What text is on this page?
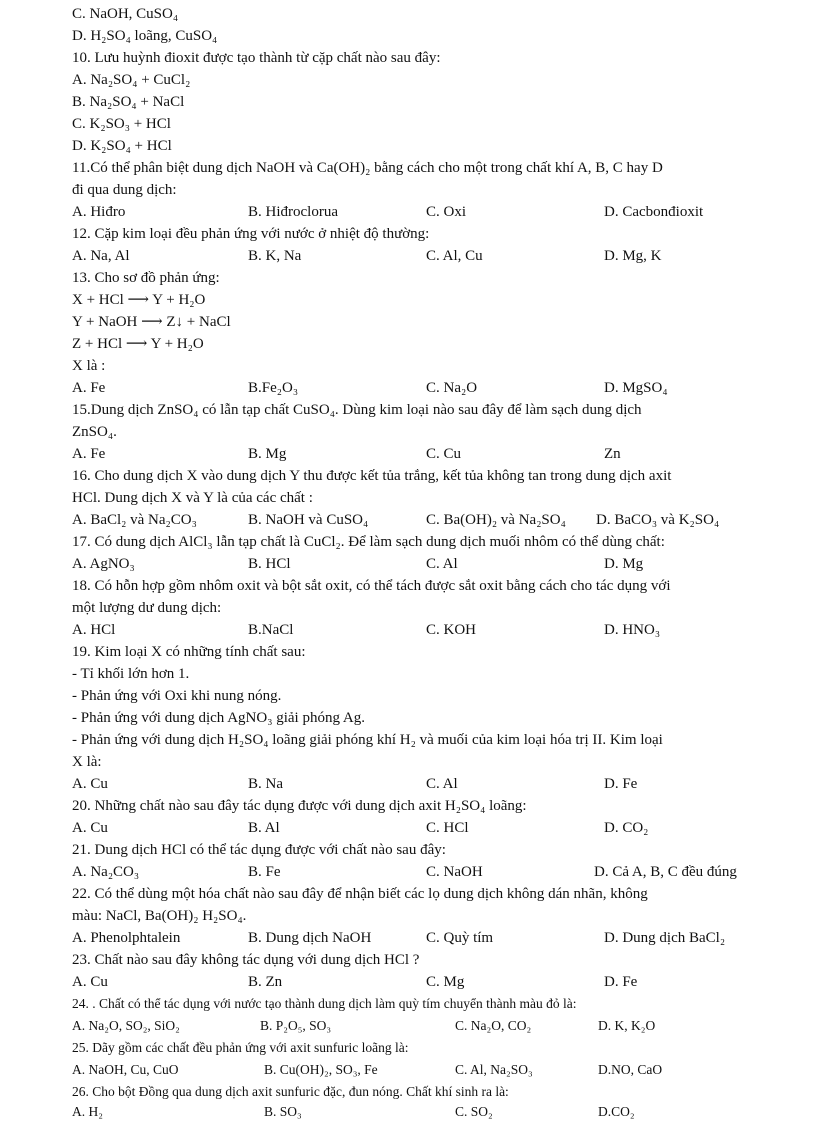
C. NaOH, CuSO₄
D. H₂SO₄ loãng, CuSO₄
10. Lưu huỳnh đioxit được tạo thành từ cặp chất nào sau đây:
A. Na₂SO₄ + CuCl₂
B. Na₂SO₄ + NaCl
C. K₂SO₃ + HCl
D. K₂SO₄ + HCl
11.Có thể phân biệt dung dịch NaOH và Ca(OH)₂ bằng cách cho một trong chất khí A, B, C hay D
đi qua dung dịch:
A. Hiđro	B. Hiđroclorua	C. Oxi	D. Cacbonđioxit
12. Cặp kim loại đều phản ứng với nước ở nhiệt độ thường:
A. Na, Al	B. K, Na	C. Al, Cu	D. Mg, K
13. Cho sơ đồ phản ứng:
X + HCl ⟶ Y + H₂O
Y + NaOH ⟶ Z↓ + NaCl
Z + HCl ⟶ Y + H₂O
X là :
A. Fe	B.Fe₂O₃	C. Na₂O	D. MgSO₄
15.Dung dịch ZnSO₄ có lẫn tạp chất CuSO₄. Dùng kim loại nào sau đây để làm sạch dung dịch
ZnSO₄.
A. Fe	B. Mg	C. Cu	Zn
16. Cho dung dịch X vào dung dịch Y thu được kết tủa trắng, kết tủa không tan trong dung dịch axit
HCl. Dung dịch X và Y là của các chất :
A. BaCl₂ và Na₂CO₃	B. NaOH và CuSO₄	C. Ba(OH)₂ và Na₂SO₄ D. BaCO₃ và K₂SO₄
17. Có dung dịch AlCl₃ lẫn tạp chất là CuCl₂. Để làm sạch dung dịch muối nhôm có thể dùng chất:
A. AgNO₃	B. HCl	C. Al	D. Mg
18. Có hỗn hợp gồm nhôm oxit và bột sắt oxit, có thể tách được sắt oxit bằng cách cho tác dụng với
một lượng dư dung dịch:
A. HCl	B.NaCl	C. KOH	D. HNO₃
19. Kim loại X có những tính chất sau:
- Tỉ khối lớn hơn 1.
- Phản ứng với Oxi khi nung nóng.
- Phản ứng với dung dịch AgNO₃ giải phóng Ag.
- Phản ứng với dung dịch H₂SO₄ loãng giải phóng khí H₂ và muối của kim loại hóa trị II. Kim loại
X là:
A. Cu	B. Na	C. Al	D. Fe
20. Những chất nào sau đây tác dụng được với dung dịch axit H₂SO₄ loãng:
A. Cu	B. Al	C. HCl	D. CO₂
21. Dung dịch HCl có thể tác dụng được với chất nào sau đây:
A. Na₂CO₃	B. Fe	C. NaOH	D. Cả A, B, C đều đúng
22. Có thể dùng một hóa chất nào sau đây để nhận biết các lọ dung dịch không dán nhãn, không
màu: NaCl, Ba(OH)₂ H₂SO₄.
A. Phenolphtalein	B. Dung dịch NaOH	C. Quỳ tím	D. Dung dịch BaCl₂
23. Chất nào sau đây không tác dụng với dung dịch HCl ?
A. Cu	B. Zn	C. Mg	D. Fe
24. . Chất có thể tác dụng với nước tạo thành dung dịch làm quỳ tím chuyển thành màu đỏ là:
A. Na₂O, SO₂, SiO₂	B. P₂O₅, SO₃	C. Na₂O, CO₂	D. K, K₂O
25. Dãy gồm các chất đều phản ứng với axit sunfuric loãng là:
A. NaOH, Cu, CuO	B. Cu(OH)₂, SO₃, Fe	C. Al, Na₂SO₃	D.NO, CaO
26. Cho bột Đồng qua dung dịch axit sunfuric đặc, đun nóng. Chất khí sinh ra là:
A. H₂	B. SO₃	C. SO₂	D.CO₂
